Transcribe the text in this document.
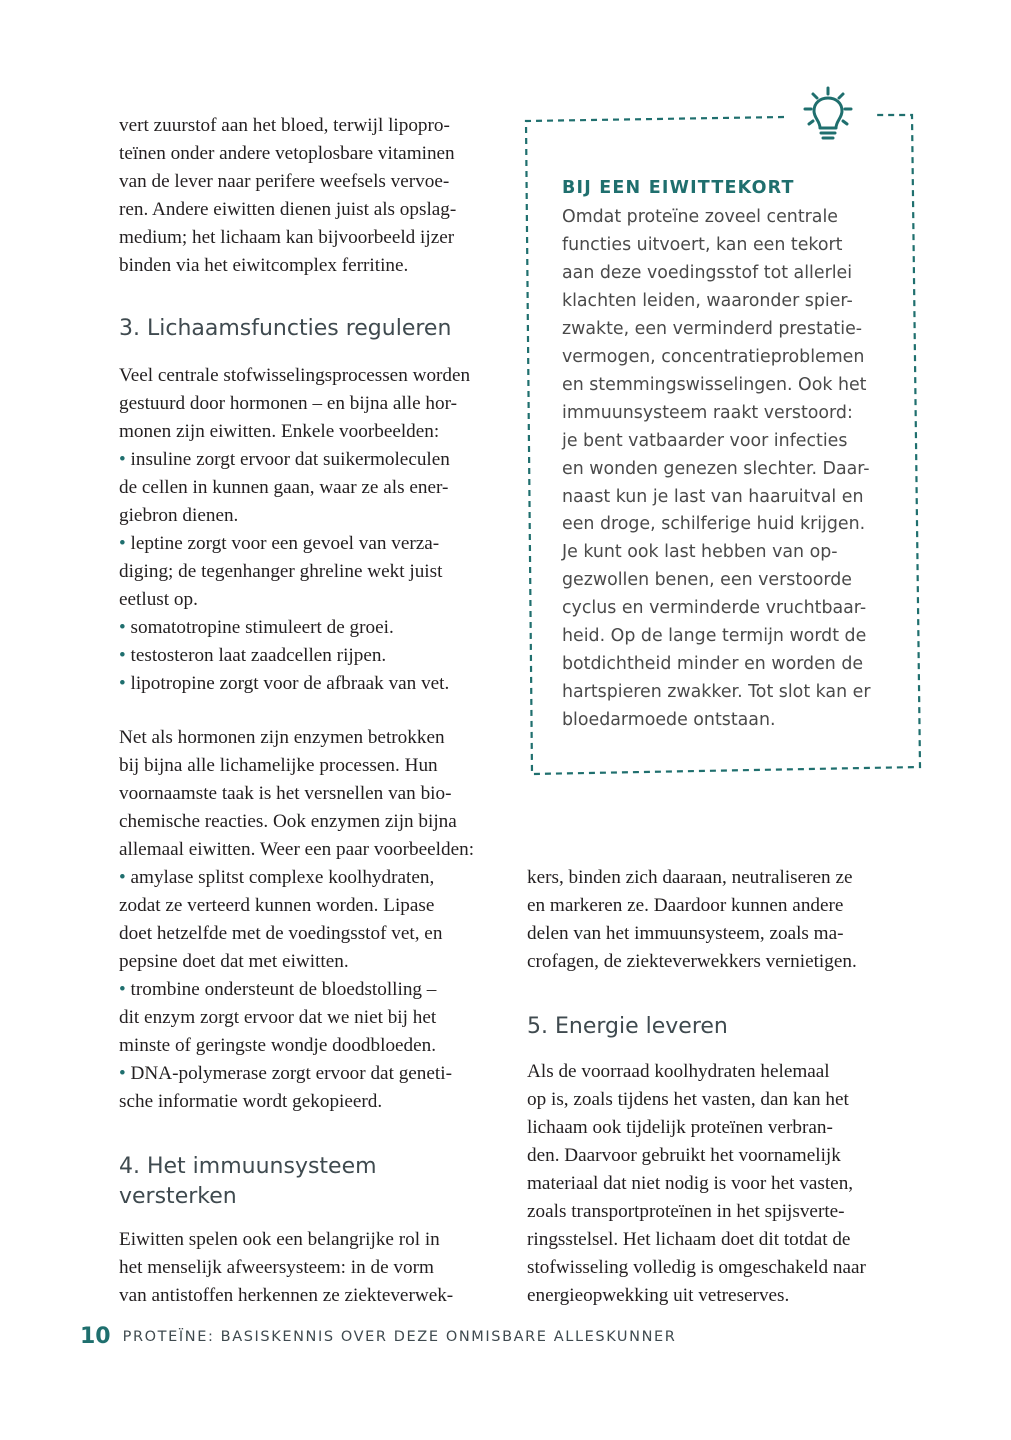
vert zuurstof aan het bloed, terwijl lipopro-
teïnen onder andere vetoplosbare vitaminen
van de lever naar perifere weefsels vervoe-
ren. Andere eiwitten dienen juist als opslag-
medium; het lichaam kan bijvoorbeeld ijzer
binden via het eiwitcomplex ferritine.

3. Lichaamsfuncties reguleren

Veel centrale stofwisselingsprocessen worden
gestuurd door hormonen – en bijna alle hor-
monen zijn eiwitten. Enkele voorbeelden:
• insuline zorgt ervoor dat suikermoleculen
de cellen in kunnen gaan, waar ze als ener-
giebron dienen.
• leptine zorgt voor een gevoel van verza-
diging; de tegenhanger ghreline wekt juist
eetlust op.
• somatotropine stimuleert de groei.
• testosteron laat zaadcellen rijpen.
• lipotropine zorgt voor de afbraak van vet.

Net als hormonen zijn enzymen betrokken
bij bijna alle lichamelijke processen. Hun
voornaamste taak is het versnellen van bio-
chemische reacties. Ook enzymen zijn bijna
allemaal eiwitten. Weer een paar voorbeelden:
• amylase splitst complexe koolhydraten,
zodat ze verteerd kunnen worden. Lipase
doet hetzelfde met de voedingsstof vet, en
pepsine doet dat met eiwitten.
• trombine ondersteunt de bloedstolling –
dit enzym zorgt ervoor dat we niet bij het
minste of geringste wondje doodbloeden.
• DNA-polymerase zorgt ervoor dat geneti-
sche informatie wordt gekopieerd.

4. Het immuunsysteem
versterken

Eiwitten spelen ook een belangrijke rol in
het menselijk afweersysteem: in de vorm
van antistoffen herkennen ze ziekteverwek-

BIJ EEN EIWITTEKORT

Omdat proteïne zoveel centrale
functies uitvoert, kan een tekort
aan deze voedingsstof tot allerlei
klachten leiden, waaronder spier-
zwakte, een verminderd prestatie-
vermogen, concentratieproblemen
en stemmingswisselingen. Ook het
immuunsysteem raakt verstoord:
je bent vatbaarder voor infecties
en wonden genezen slechter. Daar-
naast kun je last van haaruitval en
een droge, schilferige huid krijgen.
Je kunt ook last hebben van op-
gezwollen benen, een verstoorde
cyclus en verminderde vruchtbaar-
heid. Op de lange termijn wordt de
botdichtheid minder en worden de
hartspieren zwakker. Tot slot kan er
bloedarmoede ontstaan.

kers, binden zich daaraan, neutraliseren ze
en markeren ze. Daardoor kunnen andere
delen van het immuunsysteem, zoals ma-
crofagen, de ziekteverwekkers vernietigen.

5. Energie leveren

Als de voorraad koolhydraten helemaal
op is, zoals tijdens het vasten, dan kan het
lichaam ook tijdelijk proteïnen verbran-
den. Daarvoor gebruikt het voornamelijk
materiaal dat niet nodig is voor het vasten,
zoals transportproteïnen in het spijsverte-
ringsstelsel. Het lichaam doet dit totdat de
stofwisseling volledig is omgeschakeld naar
energieopwekking uit vetreserves.

10 PROTEÏNE: BASISKENNIS OVER DEZE ONMISBARE ALLESKUNNER
